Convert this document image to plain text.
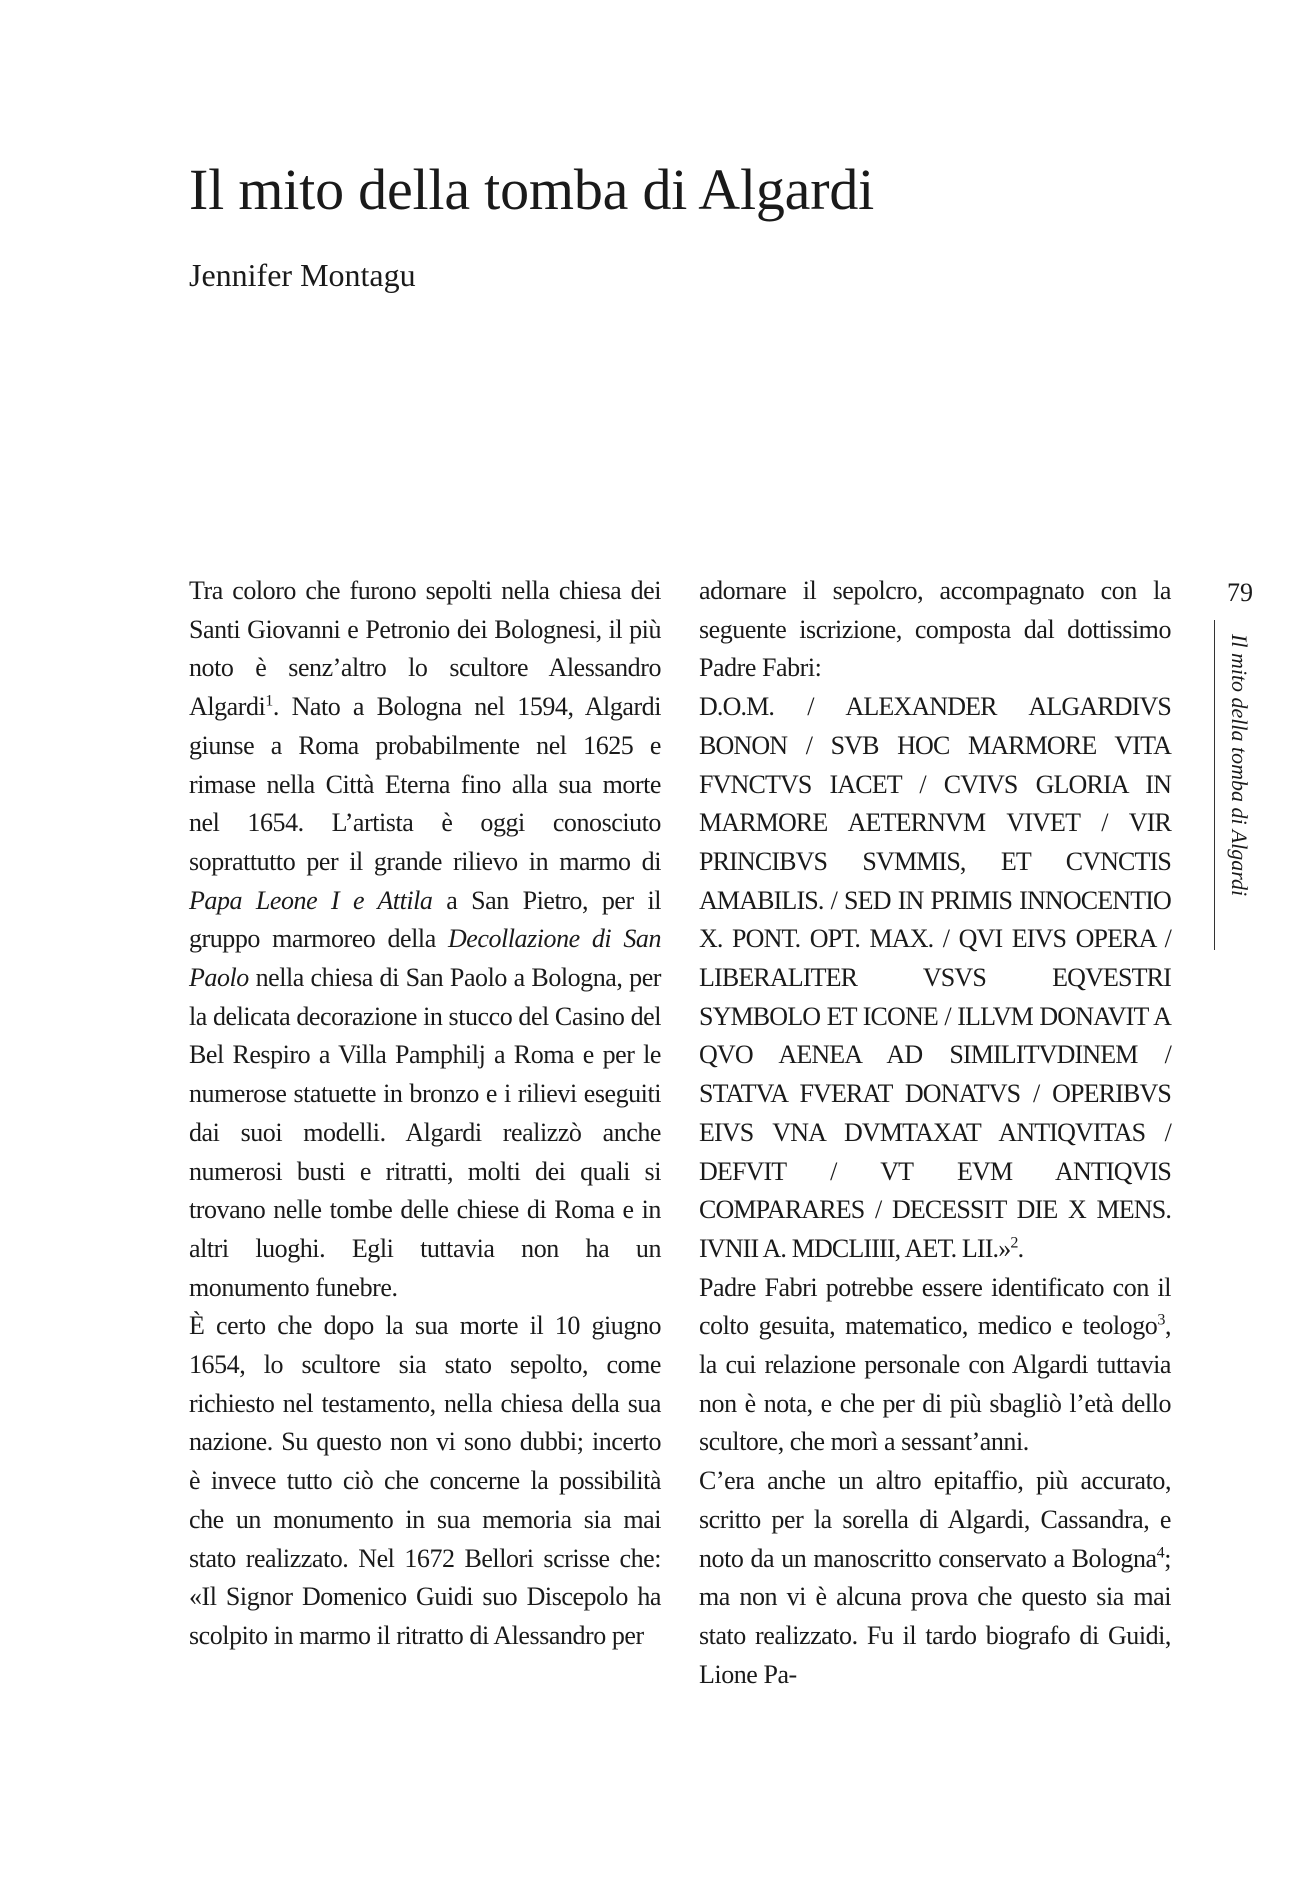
Il mito della tomba di Algardi
Jennifer Montagu

Tra coloro che furono sepolti nella chiesa dei Santi Giovanni e Petronio dei Bolognesi, il più noto è senz’altro lo scultore Alessandro Algardi$^1$. Nato a Bologna nel 1594, Algardi giunse a Roma probabilmente nel 1625 e rimase nella Città Eterna fino alla sua morte nel 1654. L’artista è oggi conosciuto soprattutto per il grande rilievo in marmo di Papa Leone I e Attila a San Pietro, per il gruppo marmoreo della Decollazione di San Paolo nella chiesa di San Paolo a Bologna, per la delicata decorazione in stucco del Casino del Bel Respiro a Villa Pamphilj a Roma e per le numerose statuette in bronzo e i rilievi eseguiti dai suoi modelli. Algardi realizzò anche numerosi busti e ritratti, molti dei quali si trovano nelle tombe delle chiese di Roma e in altri luoghi. Egli tuttavia non ha un monumento funebre.

È certo che dopo la sua morte il 10 giugno 1654, lo scultore sia stato sepolto, come richiesto nel testamento, nella chiesa della sua nazione. Su questo non vi sono dubbi; incerto è invece tutto ciò che concerne la possibilità che un monumento in sua memoria sia mai stato realizzato. Nel 1672 Bellori scrisse che: «Il Signor Domenico Guidi suo Discepolo ha scolpito in marmo il ritratto di Alessandro per

adornare il sepolcro, accompagnato con la seguente iscrizione, composta dal dottissimo Padre Fabri:

D.O.M. / ALEXANDER ALGARDIVS BONON / SVB HOC MARMORE VITA FVNCTVS IACET / CVIVS GLORIA IN MARMORE AETERNVM VIVET / VIR PRINCIBVS SVMMIS, ET CVNCTIS AMABILIS. / SED IN PRIMIS INNOCENTIO X. PONT. OPT. MAX. / QVI EIVS OPERA / LIBERALITER VSVS EQVESTRI SYMBOLO ET ICONE / ILLVM DONAVIT A QVO AENEA AD SIMILITVDINEM / STATVA FVERAT DONATVS / OPERIBVS EIVS VNA DVMTAXAT ANTIQVITAS / DEFVIT / VT EVM ANTIQVIS COMPARARES / DECESSIT DIE X MENS. IVNII A. MDCLIIII, AET. LII.»$^2$.

Padre Fabri potrebbe essere identificato con il colto gesuita, matematico, medico e teologo$^3$, la cui relazione personale con Algardi tuttavia non è nota, e che per di più sbagliò l’età dello scultore, che morì a sessant’anni.

C’era anche un altro epitaffio, più accurato, scritto per la sorella di Algardi, Cassandra, e noto da un manoscritto conservato a Bologna$^4$; ma non vi è alcuna prova che questo sia mai stato realizzato. Fu il tardo biografo di Guidi, Lione Pa-

79
Il mito della tomba di Algardi
